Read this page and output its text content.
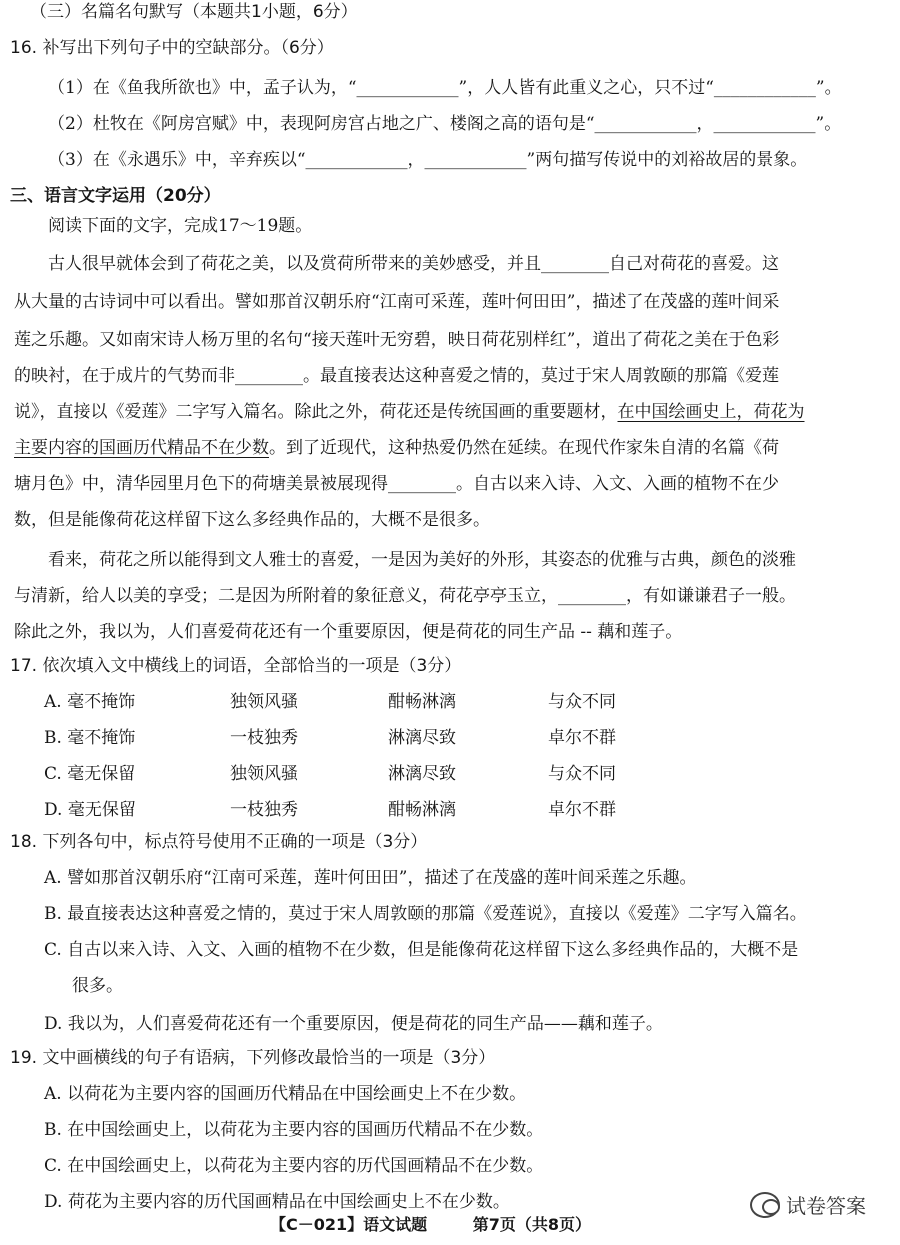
（三）名篇名句默写（本题共1小题，6分）
16. 补写出下列句子中的空缺部分。（6分）
（1）在《鱼我所欲也》中，孟子认为，“____________”，人人皆有此重义之心，只不过“____________”。
（2）杜牧在《阿房宫赋》中，表现阿房宫占地之广、楼阁之高的语句是“____________，____________”。
（3）在《永遇乐》中，辛弃疾以“____________，____________”两句描写传说中的刘裕故居的景象。
三、语言文字运用（20分）
阅读下面的文字，完成17～19题。
古人很早就体会到了荷花之美，以及赏荷所带来的美妙感受，并且________自己对荷花的喜爱。这
从大量的古诗词中可以看出。譬如那首汉朝乐府“江南可采莲，莲叶何田田”，描述了在茂盛的莲叶间采
莲之乐趣。又如南宋诗人杨万里的名句“接天莲叶无穷碧，映日荷花别样红”，道出了荷花之美在于色彩
的映衬，在于成片的气势而非________。最直接表达这种喜爱之情的，莫过于宋人周敦颐的那篇《爱莲
说》，直接以《爱莲》二字写入篇名。除此之外，荷花还是传统国画的重要题材，在中国绘画史上，荷花为
主要内容的国画历代精品不在少数。到了近现代，这种热爱仍然在延续。在现代作家朱自清的名篇《荷
塘月色》中，清华园里月色下的荷塘美景被展现得________。自古以来入诗、入文、入画的植物不在少
数，但是能像荷花这样留下这么多经典作品的，大概不是很多。
看来，荷花之所以能得到文人雅士的喜爱，一是因为美好的外形，其姿态的优雅与古典，颜色的淡雅
与清新，给人以美的享受；二是因为所附着的象征意义，荷花亭亭玉立，________，有如谦谦君子一般。
除此之外，我以为，人们喜爱荷花还有一个重要原因，便是荷花的同生产品 -- 藕和莲子。
17. 依次填入文中横线上的词语，全部恰当的一项是（3分）
A. 毫不掩饰	独领风骚	酣畅淋漓	与众不同
B. 毫不掩饰	一枝独秀	淋漓尽致	卓尔不群
C. 毫无保留	独领风骚	淋漓尽致	与众不同
D. 毫无保留	一枝独秀	酣畅淋漓	卓尔不群
18. 下列各句中，标点符号使用不正确的一项是（3分）
A. 譬如那首汉朝乐府“江南可采莲，莲叶何田田”，描述了在茂盛的莲叶间采莲之乐趣。
B. 最直接表达这种喜爱之情的，莫过于宋人周敦颐的那篇《爱莲说》，直接以《爱莲》二字写入篇名。
C. 自古以来入诗、入文、入画的植物不在少数，但是能像荷花这样留下这么多经典作品的，大概不是
很多。
D. 我以为，人们喜爱荷花还有一个重要原因，便是荷花的同生产品——藕和莲子。
19. 文中画横线的句子有语病，下列修改最恰当的一项是（3分）
A. 以荷花为主要内容的国画历代精品在中国绘画史上不在少数。
B. 在中国绘画史上，以荷花为主要内容的国画历代精品不在少数。
C. 在中国绘画史上，以荷花为主要内容的历代国画精品不在少数。
D. 荷花为主要内容的历代国画精品在中国绘画史上不在少数。	试卷答案
【C－021】语文试题	第7页（共8页）
